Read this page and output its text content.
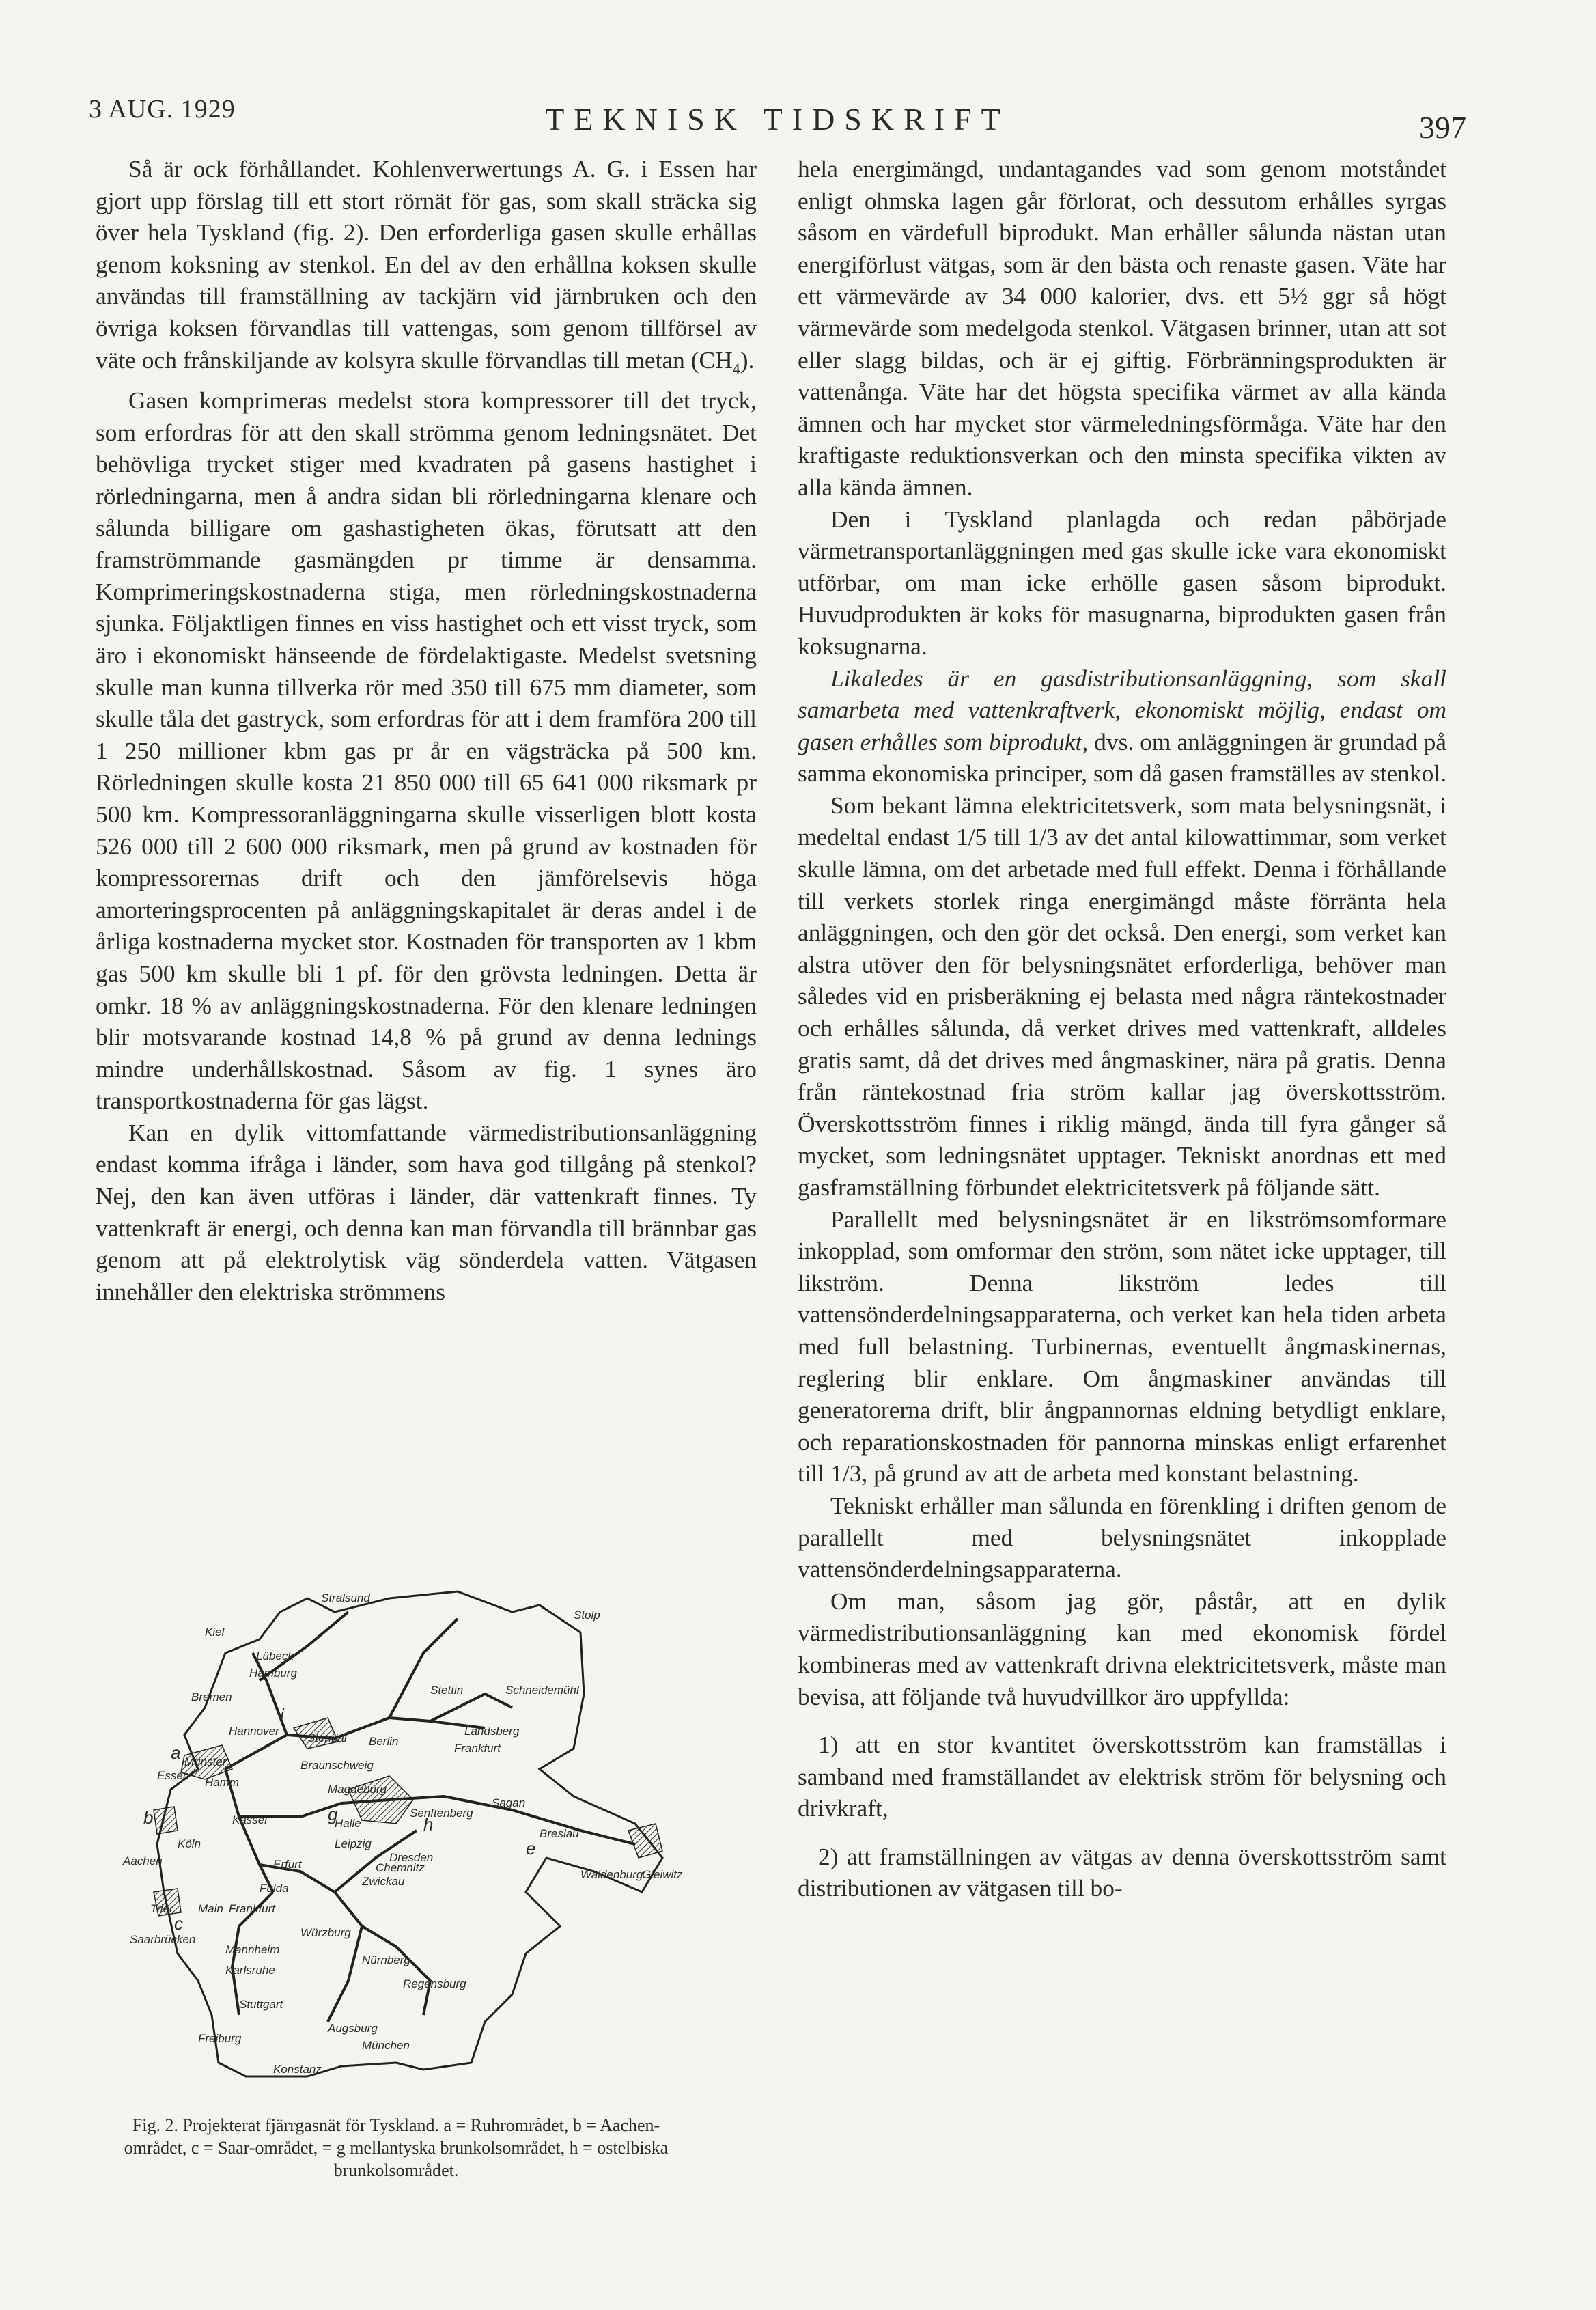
3 AUG. 1929	TEKNISK TIDSKRIFT	397

Så är ock förhållandet. Kohlenverwertungs A. G. i Essen har gjort upp förslag till ett stort rörnät för gas, som skall sträcka sig över hela Tyskland (fig. 2). Den erforderliga gasen skulle erhållas genom koksning av stenkol. En del av den erhållna koksen skulle användas till framställning av tackjärn vid järnbruken och den övriga koksen förvandlas till vattengas, som genom tillförsel av väte och frånskiljande av kolsyra skulle förvandlas till metan $(CH_4)$.

Gasen komprimeras medelst stora kompressorer till det tryck, som erfordras för att den skall strömma genom ledningsnätet. Det behövliga trycket stiger med kvadraten på gasens hastighet i rörledningarna, men å andra sidan bli rörledningarna klenare och sålunda billigare om gashastigheten ökas, förutsatt att den framströmmande gasmängden pr timme är densamma. Komprimeringskostnaderna stiga, men rörledningskostnaderna sjunka. Följaktligen finnes en viss hastighet och ett visst tryck, som äro i ekonomiskt hänseende de fördelaktigaste. Medelst svetsning skulle man kunna tillverka rör med 350 till 675 mm diameter, som skulle tåla det gastryck, som erfordras för att i dem framföra 200 till 1 250 millioner kbm gas pr år en vägsträcka på 500 km. Rörledningen skulle kosta 21 850 000 till 65 641 000 riksmark pr 500 km. Kompressoranläggningarna skulle visserligen blott kosta 526 000 till 2 600 000 riksmark, men på grund av kostnaden för kompressorernas drift och den jämförelsevis höga amorteringsprocenten på anläggningskapitalet är deras andel i de årliga kostnaderna mycket stor. Kostnaden för transporten av 1 kbm gas 500 km skulle bli 1 pf. för den grövsta ledningen. Detta är omkr. 18 % av anläggningskostnaderna. För den klenare ledningen blir motsvarande kostnad 14,8 % på grund av denna lednings mindre underhållskostnad. Såsom av fig. 1 synes äro transportkostnaderna för gas lägst.

Kan en dylik vittomfattande värmedistributionsanläggning endast komma ifråga i länder, som hava god tillgång på stenkol? Nej, den kan även utföras i länder, där vattenkraft finnes. Ty vattenkraft är energi, och denna kan man förvandla till brännbar gas genom att på elektrolytisk väg sönderdela vatten. Vätgasen innehåller den elektriska strömmens

Kiel
Stralsund
Stolp
Lübeck
Hamburg
Bremen
Stettin	Schneidemühl
Stendal
Hannover
Berlin
Landsberg
Frankfurt
Münster
Essen
Hamm
Braunschweig
Magdeburg
Kassel	Halle
Senftenberg
Sagan
Breslau
Köln	Leipzig
Dresden
Chemnitz
Zwickau
Erfurt
Waldenburg
Aachen
Fulda
Gleiwitz
Trier Main Frankfurt
Würzburg
Saarbrücken
Mannheim
Karlsruhe
Nürnberg
Stuttgart
Regensburg
Freiburg
Augsburg
München
Konstanz
a
b
c
g	h
i
e
Fig. 2. Projekterat fjärrgasnät för Tyskland. a = Ruhrområdet, b = Aachen-området, c = Saar-området, = g mellantyska brunkolsområdet, h = ostelbiska brunkolsområdet.

hela energimängd, undantagandes vad som genom motståndet enligt ohmska lagen går förlorat, och dessutom erhålles syrgas såsom en värdefull biprodukt. Man erhåller sålunda nästan utan energiförlust vätgas, som är den bästa och renaste gasen. Väte har ett värmevärde av 34 000 kalorier, dvs. ett 5½ ggr så högt värmevärde som medelgoda stenkol. Vätgasen brinner, utan att sot eller slagg bildas, och är ej giftig. Förbränningsprodukten är vattenånga. Väte har det högsta specifika värmet av alla kända ämnen och har mycket stor värmeledningsförmåga. Väte har den kraftigaste reduktionsverkan och den minsta specifika vikten av alla kända ämnen.

Den i Tyskland planlagda och redan påbörjade värmetransportanläggningen med gas skulle icke vara ekonomiskt utförbar, om man icke erhölle gasen såsom biprodukt. Huvudprodukten är koks för masugnarna, biprodukten gasen från koksugnarna.

Likaledes är en gasdistributionsanläggning, som skall samarbeta med vattenkraftverk, ekonomiskt möjlig, endast om gasen erhålles som biprodukt, dvs. om anläggningen är grundad på samma ekonomiska principer, som då gasen framställes av stenkol.

Som bekant lämna elektricitetsverk, som mata belysningsnät, i medeltal endast 1/5 till 1/3 av det antal kilowattimmar, som verket skulle lämna, om det arbetade med full effekt. Denna i förhållande till verkets storlek ringa energimängd måste förränta hela anläggningen, och den gör det också. Den energi, som verket kan alstra utöver den för belysningsnätet erforderliga, behöver man således vid en prisberäkning ej belasta med några räntekostnader och erhålles sålunda, då verket drives med vattenkraft, alldeles gratis samt, då det drives med ångmaskiner, nära på gratis. Denna från räntekostnad fria ström kallar jag överskottsström. Överskottsström finnes i riklig mängd, ända till fyra gånger så mycket, som ledningsnätet upptager. Tekniskt anordnas ett med gasframställning förbundet elektricitetsverk på följande sätt.

Parallellt med belysningsnätet är en likströmsomformare inkopplad, som omformar den ström, som nätet icke upptager, till likström. Denna likström ledes till vattensönderdelningsapparaterna, och verket kan hela tiden arbeta med full belastning. Turbinernas, eventuellt ångmaskinernas, reglering blir enklare. Om ångmaskiner användas till generatorerna drift, blir ångpannornas eldning betydligt enklare, och reparationskostnaden för pannorna minskas enligt erfarenhet till 1/3, på grund av att de arbeta med konstant belastning.

Tekniskt erhåller man sålunda en förenkling i driften genom de parallellt med belysningsnätet inkopplade vattensönderdelningsapparaterna.

Om man, såsom jag gör, påstår, att en dylik värmedistributionsanläggning kan med ekonomisk fördel kombineras med av vattenkraft drivna elektricitetsverk, måste man bevisa, att följande två huvudvillkor äro uppfyllda:

1) att en stor kvantitet överskottsström kan framställas i samband med framställandet av elektrisk ström för belysning och drivkraft,

2) att framställningen av vätgas av denna överskottsström samt distributionen av vätgasen till bo-
